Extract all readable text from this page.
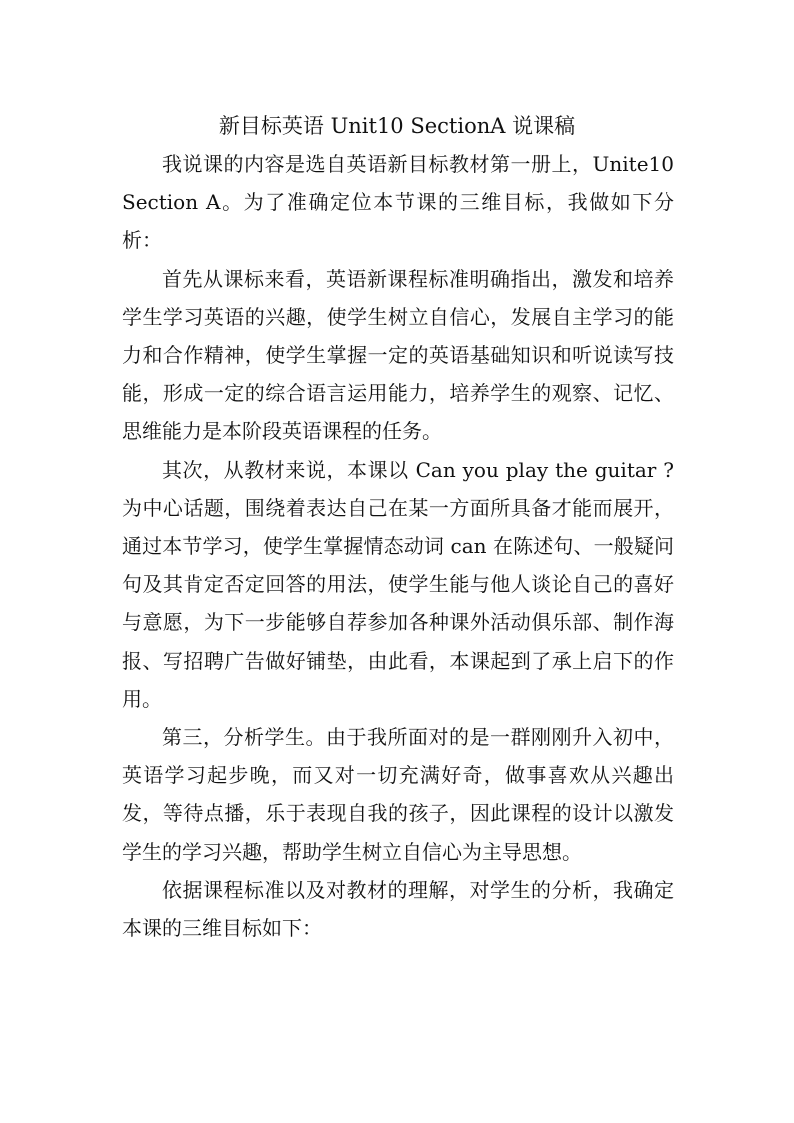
新目标英语 Unit10 SectionA 说课稿

我说课的内容是选自英语新目标教材第一册上，Unite10 Section A。为了准确定位本节课的三维目标，我做如下分析：

首先从课标来看，英语新课程标准明确指出，激发和培养学生学习英语的兴趣，使学生树立自信心，发展自主学习的能力和合作精神，使学生掌握一定的英语基础知识和听说读写技能，形成一定的综合语言运用能力，培养学生的观察、记忆、思维能力是本阶段英语课程的任务。

其次，从教材来说，本课以 Can you play the guitar ?为中心话题，围绕着表达自己在某一方面所具备才能而展开，通过本节学习，使学生掌握情态动词 can 在陈述句、一般疑问句及其肯定否定回答的用法，使学生能与他人谈论自己的喜好与意愿，为下一步能够自荐参加各种课外活动俱乐部、制作海报、写招聘广告做好铺垫，由此看，本课起到了承上启下的作用。

第三，分析学生。由于我所面对的是一群刚刚升入初中，英语学习起步晚，而又对一切充满好奇，做事喜欢从兴趣出发，等待点播，乐于表现自我的孩子，因此课程的设计以激发学生的学习兴趣，帮助学生树立自信心为主导思想。

依据课程标准以及对教材的理解，对学生的分析，我确定本课的三维目标如下：
